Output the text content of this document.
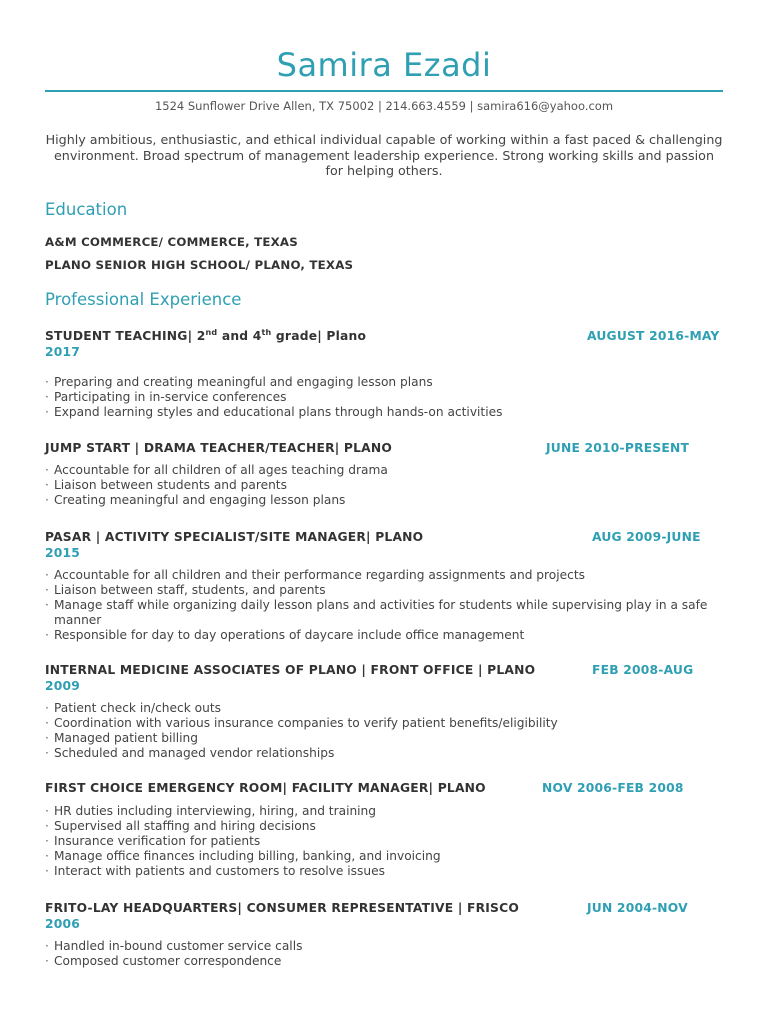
Samira Ezadi
1524 Sunflower Drive Allen, TX 75002 | 214.663.4559 | samira616@yahoo.com
Highly ambitious, enthusiastic, and ethical individual capable of working within a fast paced & challenging environment. Broad spectrum of management leadership experience. Strong working skills and passion for helping others.
Education
A&M COMMERCE/ COMMERCE, TEXAS
PLANO SENIOR HIGH SCHOOL/ PLANO, TEXAS
Professional Experience
STUDENT TEACHING| 2nd and 4th grade| Plano	AUGUST 2016-MAY
2017
· Preparing and creating meaningful and engaging lesson plans
· Participating in in-service conferences
· Expand learning styles and educational plans through hands-on activities
JUMP START | DRAMA TEACHER/TEACHER| PLANO	JUNE 2010-PRESENT
· Accountable for all children of all ages teaching drama
· Liaison between students and parents
· Creating meaningful and engaging lesson plans
PASAR | ACTIVITY SPECIALIST/SITE MANAGER| PLANO	AUG 2009-JUNE
2015
· Accountable for all children and their performance regarding assignments and projects
· Liaison between staff, students, and parents
· Manage staff while organizing daily lesson plans and activities for students while supervising play in a safe manner
· Responsible for day to day operations of daycare include office management
INTERNAL MEDICINE ASSOCIATES OF PLANO | FRONT OFFICE | PLANO	FEB 2008-AUG
2009
· Patient check in/check outs
· Coordination with various insurance companies to verify patient benefits/eligibility
· Managed patient billing
· Scheduled and managed vendor relationships
FIRST CHOICE EMERGENCY ROOM| FACILITY MANAGER| PLANO	NOV 2006-FEB 2008
· HR duties including interviewing, hiring, and training
· Supervised all staffing and hiring decisions
· Insurance verification for patients
· Manage office finances including billing, banking, and invoicing
· Interact with patients and customers to resolve issues
FRITO-LAY HEADQUARTERS| CONSUMER REPRESENTATIVE | FRISCO	JUN 2004-NOV
2006
· Handled in-bound customer service calls
· Composed customer correspondence
